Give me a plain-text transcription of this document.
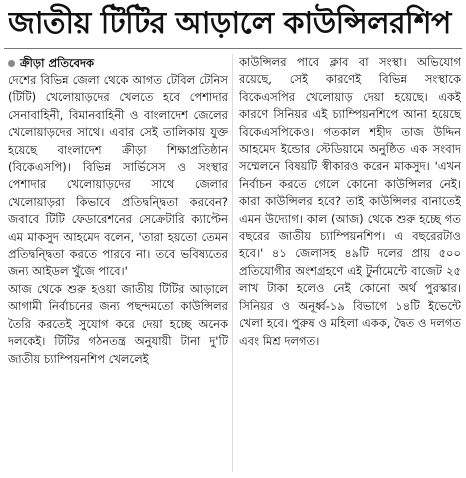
জাতীয় টিটির আড়ালে কাউন্সিলরশিপ
ক্রীড়া প্রতিবেদক

দেশের বিভিন্ন জেলা থেকে আগত টেবিল টেনিস (টিটি) খেলোয়াড়দের খেলতে হবে পেশাদার সেনাবাহিনী, বিমানবাহিনী ও বাংলাদেশ জেলের খেলোয়াড়দের সাথে। এবার সেই তালিকায় যুক্ত হয়েছে বাংলাদেশ ক্রীড়া শিক্ষাপ্রতিষ্ঠান (বিকেএসপি)। বিভিন্ন সার্ভিসেস ও সংস্থার পেশাদার খেলোয়াড়দের সাথে জেলার খেলোয়াড়রা কিভাবে প্রতিদ্বন্দ্বিতা করবেন? জবাবে টিটি ফেডারেশনের সেক্রেটারি ক্যাপ্টেন এম মাকসুদ আহমেদ বলেন, 'তারা হয়তো তেমন প্রতিদ্বন্দ্বিতা করতে পারবে না। তবে ভবিষ্যতের জন্য আইডল খুঁজে পাবে।'

আজ থেকে শুরু হওয়া জাতীয় টিটির আড়ালে আগামী নির্বাচনের জন্য পছন্দমতো কাউন্সিলর তৈরি করতেই সুযোগ করে দেয়া হচ্ছে অনেক দলকেই। টিটির গঠনতন্ত্র অনুযায়ী টানা দু'টি জাতীয় চ্যাম্পিয়নশিপ খেললেই

কাউন্সিলর পাবে ক্লাব বা সংস্থা। অভিযোগ রয়েছে, সেই কারণেই বিভিন্ন সংস্থাকে বিকেএসপির খেলোয়াড় দেয়া হয়েছে। একই কারণে সিনিয়র এই চ্যাম্পিয়নশিপে আনা হয়েছে বিকেএসপিকেও। গতকাল শহীদ তাজ উদ্দিন আহমেদ ইন্ডোর স্টেডিয়ামে অনুষ্ঠিত এক সংবাদ সম্মেলনে বিষয়টি স্বীকারও করেন মাকসুদ। 'এখন নির্বাচন করতে গেলে কোনো কাউন্সিলর নেই। কারা কাউন্সিলর হবে? তাই কাউন্সিলর বানাতেই এমন উদ্যোগ। কাল (আজ) থেকে শুরু হচ্ছে গত বছরের জাতীয় চ্যাম্পিয়নশিপ। এ বছরেরটাও হবে।' ৪১ জেলাসহ ৪৯টি দলের প্রায় ৫০০ প্রতিযোগীর অংশগ্রহণে এই টুর্নামেন্টে বাজেট ২৫ লাখ টাকা হলেও নেই কোনো অর্থ পুরস্কার। সিনিয়র ও অনূর্ধ্ব-১৯ বিভাগে ১৪টি ইভেন্টে খেলা হবে। পুরুষ ও মহিলা একক, দ্বৈত ও দলগত এবং মিশ্র দলগত।
